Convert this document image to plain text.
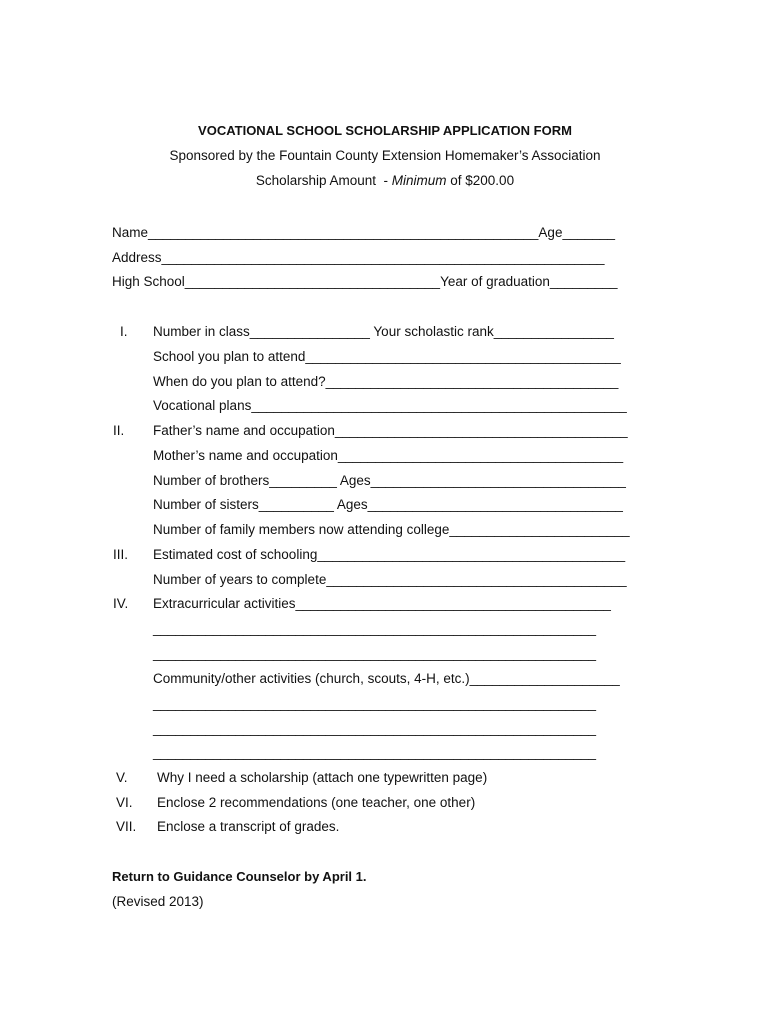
VOCATIONAL SCHOOL SCHOLARSHIP APPLICATION FORM
Sponsored by the Fountain County Extension Homemaker’s Association
Scholarship Amount  - Minimum of $200.00
Name____________________________________________________Age_______
Address___________________________________________________________
High School__________________________________Year of graduation_________
I. Number in class________________ Your scholastic rank________________
School you plan to attend__________________________________________
When do you plan to attend?_______________________________________
Vocational plans__________________________________________________
II. Father’s name and occupation_______________________________________
Mother’s name and occupation______________________________________
Number of brothers_________ Ages__________________________________
Number of sisters__________ Ages__________________________________
Number of family members now attending college________________________
III. Estimated cost of schooling_________________________________________
Number of years to complete________________________________________
IV. Extracurricular activities__________________________________________
___________________________________________________________
___________________________________________________________
Community/other activities (church, scouts, 4-H, etc.)____________________
___________________________________________________________
___________________________________________________________
___________________________________________________________
V. Why I need a scholarship (attach one typewritten page)
VI. Enclose 2 recommendations (one teacher, one other)
VII. Enclose a transcript of grades.
Return to Guidance Counselor by April 1.
(Revised 2013)
